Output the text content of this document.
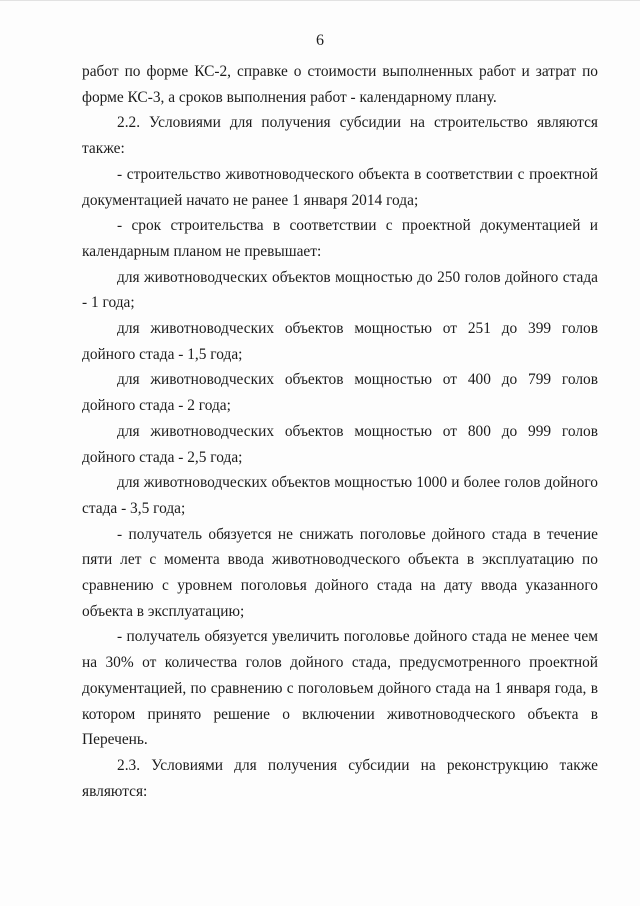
6

работ по форме КС-2, справке о стоимости выполненных работ и затрат по форме КС-3, а сроков выполнения работ - календарному плану.

2.2. Условиями для получения субсидии на строительство являются также:

- строительство животноводческого объекта в соответствии с проектной документацией начато не ранее 1 января 2014 года;

- срок строительства в соответствии с проектной документацией и календарным планом не превышает:

для животноводческих объектов мощностью до 250 голов дойного стада - 1 года;

для животноводческих объектов мощностью от 251 до 399 голов дойного стада - 1,5 года;

для животноводческих объектов мощностью от 400 до 799 голов дойного стада - 2 года;

для животноводческих объектов мощностью от 800 до 999 голов дойного стада - 2,5 года;

для животноводческих объектов мощностью 1000 и более голов дойного стада - 3,5 года;

- получатель обязуется не снижать поголовье дойного стада в течение пяти лет с момента ввода животноводческого объекта в эксплуатацию по сравнению с уровнем поголовья дойного стада на дату ввода указанного объекта в эксплуатацию;

- получатель обязуется увеличить поголовье дойного стада не менее чем на 30% от количества голов дойного стада, предусмотренного проектной документацией, по сравнению с поголовьем дойного стада на 1 января года, в котором принято решение о включении животноводческого объекта в Перечень.

2.3. Условиями для получения субсидии на реконструкцию также являются:
